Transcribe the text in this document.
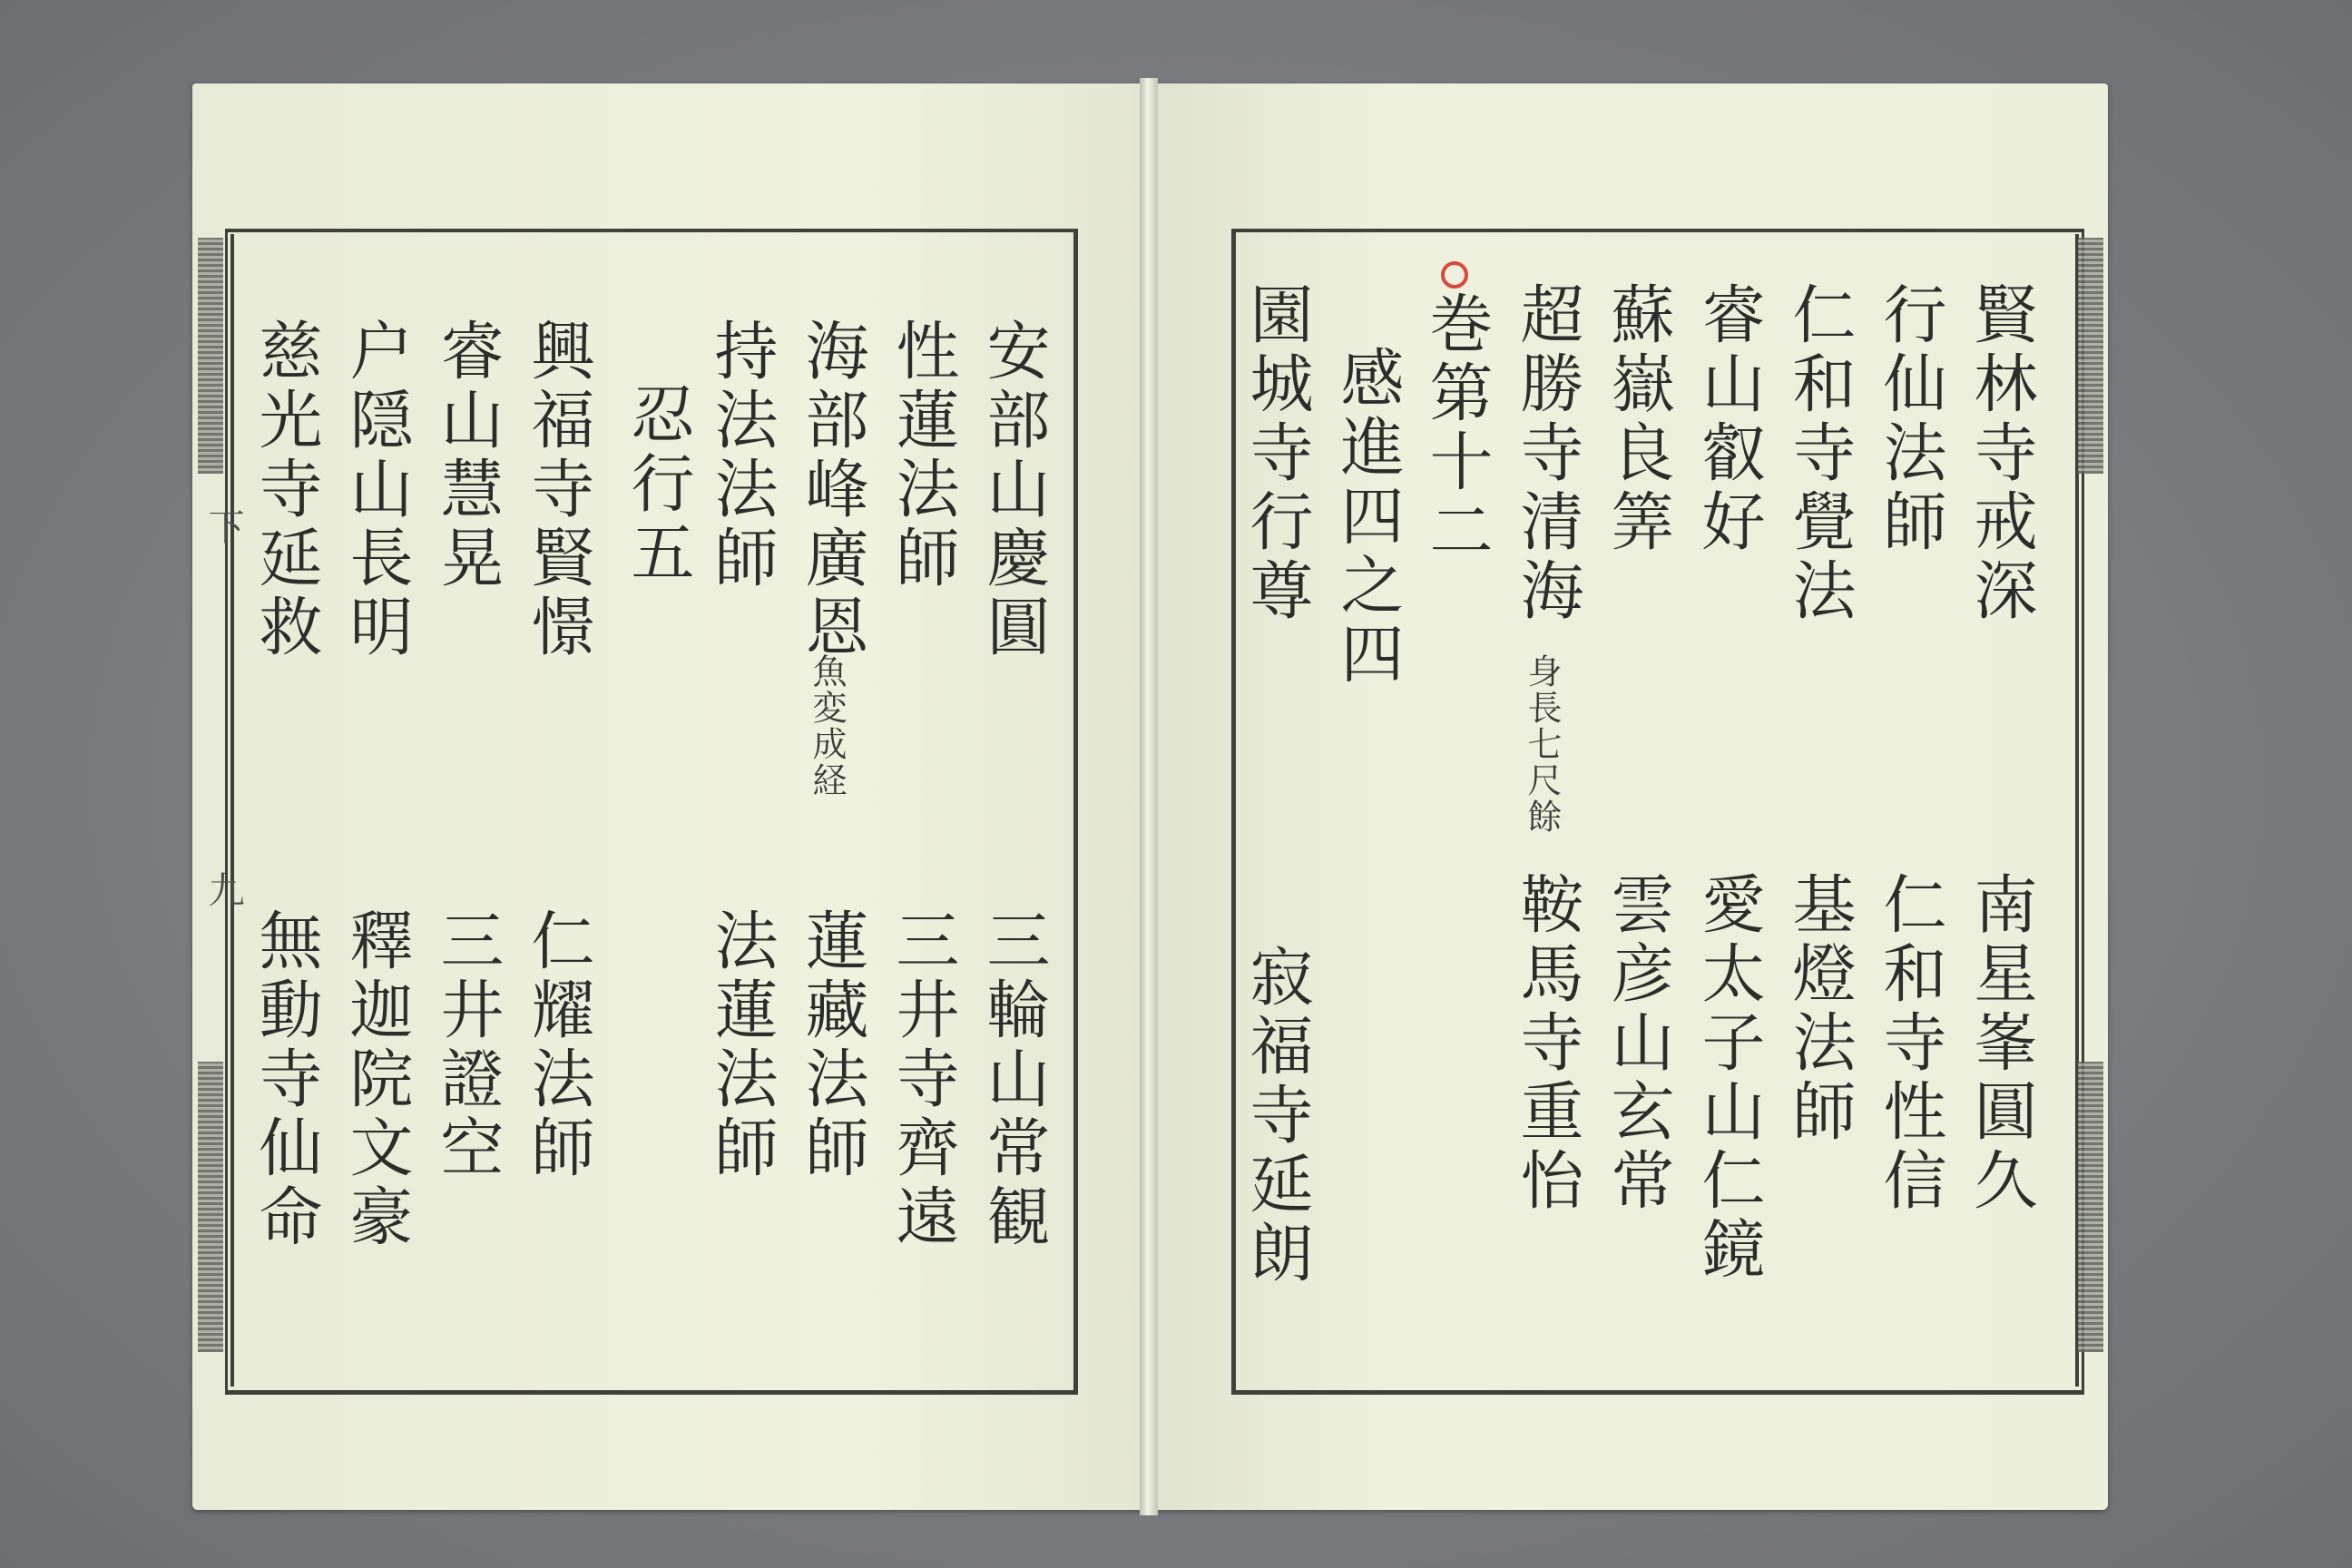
下
九
安部山慶圓
性蓮法師
海部峰廣恩
魚変成経
持法法師
忍行五
興福寺賢憬
睿山慧晃
户隠山長明
慈光寺延救
三輪山常観
三井寺齊遠
蓮藏法師
法蓮法師
仁耀法師
三井證空
釋迦院文豪
無動寺仙命
賢林寺戒深
行仙法師
仁和寺覺法
睿山叡好
蘇嶽良筭
超勝寺清海
身長七尺餘
巻第十二
感進四之四
園城寺行尊
南星峯圓久
仁和寺性信
基燈法師
愛太子山仁鏡
雲彦山玄常
鞍馬寺重怡
寂福寺延朗
